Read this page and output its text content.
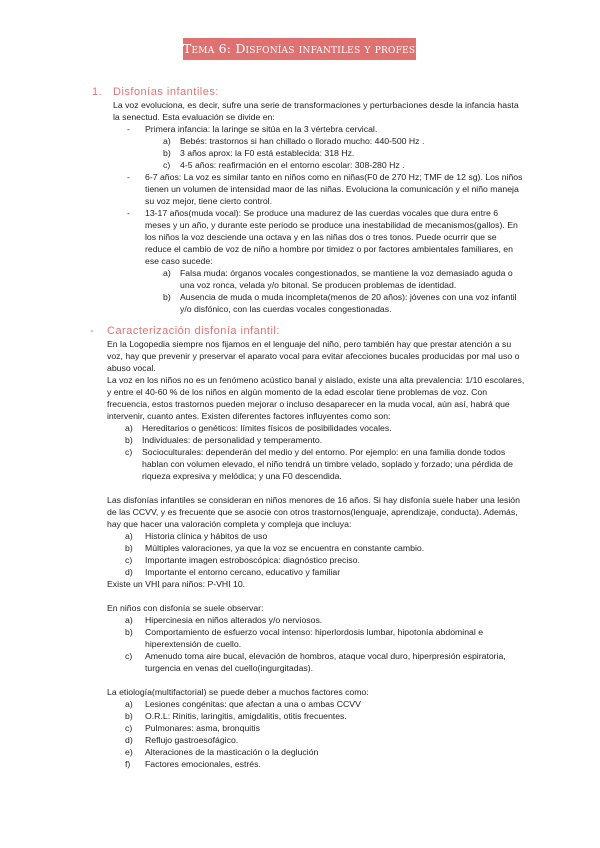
Tema 6: Disfonías infantiles y profesionales
1. Disfonías infantiles:
La voz evoluciona, es decir, sufre una serie de transformaciones y perturbaciones desde la infancia hasta la senectud. Esta evaluación se divide en:
-	Primera infancia: la laringe se sitúa en la 3 vértebra cervical.
a)	Bebés: trastornos si han chillado o llorado mucho: 440-500 Hz .
b)	3 años aprox: la F0 está establecida: 318 Hz.
c)	4-5 años: reafirmación en el entorno escolar: 308-280 Hz .
-	6-7 años: La voz es similar tanto en niños como en niñas(F0 de 270 Hz; TMF de 12 sg). Los niños tienen un volumen de intensidad maor de las niñas. Evoluciona la comunicación y el niño maneja su voz mejor, tiene cierto control.
-	13-17 años(muda vocal): Se produce una madurez de las cuerdas vocales que dura entre 6 meses y un año, y durante este periodo se produce una inestabilidad de mecanismos(gallos). En los niños la voz desciende una octava y en las niñas dos o tres tonos. Puede ocurrir que se reduce el cambio de voz de niño a hombre por timidez o por factores ambientales familiares, en ese caso sucede:
a)	Falsa muda: órganos vocales congestionados, se mantiene la voz demasiado aguda o una voz ronca, velada y/o bitonal. Se producen problemas de identidad.
b)	Ausencia de muda o muda incompleta(menos de 20 años): jóvenes con una voz infantil y/o disfónico, con las cuerdas vocales congestionadas.
-	Caracterización disfonía infantil:
En la Logopedia siempre nos fijamos en el lenguaje del niño, pero también hay que prestar atención a su voz, hay que prevenir y preservar el aparato vocal para evitar afecciones bucales producidas por mal uso o abuso vocal.
La voz en los niños no es un fenómeno acústico banal y aislado, existe una alta prevalencia: 1/10 escolares, y entre el 40-60 % de los niños en algún momento de la edad escolar tiene problemas de voz. Con frecuencia, estos trastornos pueden mejorar o incluso desaparecer en la muda vocal, aún así, habrá que intervenir, cuanto antes. Existen diferentes factores influyentes como son:
a)	Hereditarios o genéticos: límites físicos de posibilidades vocales.
b)	Individuales: de personalidad y temperamento.
c)	Socioculturales: dependerán del medio y del entorno. Por ejemplo: en una familia donde todos hablan con volumen elevado, el niño tendrá un timbre velado, soplado y forzado; una pérdida de riqueza expresiva y melódica; y una F0 descendida.
Las disfonías infantiles se consideran en niños menores de 16 años. Si hay disfonía suele haber una lesión de las CCVV, y es frecuente que se asocie con otros trastornos(lenguaje, aprendizaje, conducta). Además, hay que hacer una valoración completa y compleja que incluya:
a)	Historia clínica y hábitos de uso
b)	Múltiples valoraciones, ya que la voz se encuentra en constante cambio.
c)	Importante imagen estroboscópica: diagnóstico preciso.
d)	Importante el entorno cercano, educativo y familiar
Existe un VHI para niños: P-VHI 10.
En niños con disfonía se suele observar:
a)	Hipercinesia en niños alterados y/o nerviosos.
b)	Comportamiento de esfuerzo vocal intenso: hiperlordosis lumbar, hipotonía abdominal e hiperextensión de cuello.
c)	Amenudo toma aire bucal, elevación de hombros, ataque vocal duro, hiperpresión espiratoria, turgencia en venas del cuello(ingurgitadas).
La etiología(multifactorial) se puede deber a muchos factores como:
a)	Lesiones congénitas: que afectan a una o ambas CCVV
b)	O.R.L: Rinitis, laringitis, amigdalitis, otitis frecuentes.
c)	Pulmonares: asma, bronquitis
d)	Reflujo gastroesofágico.
e)	Alteraciones de la masticación o la deglución
f)	Factores emocionales, estrés.
